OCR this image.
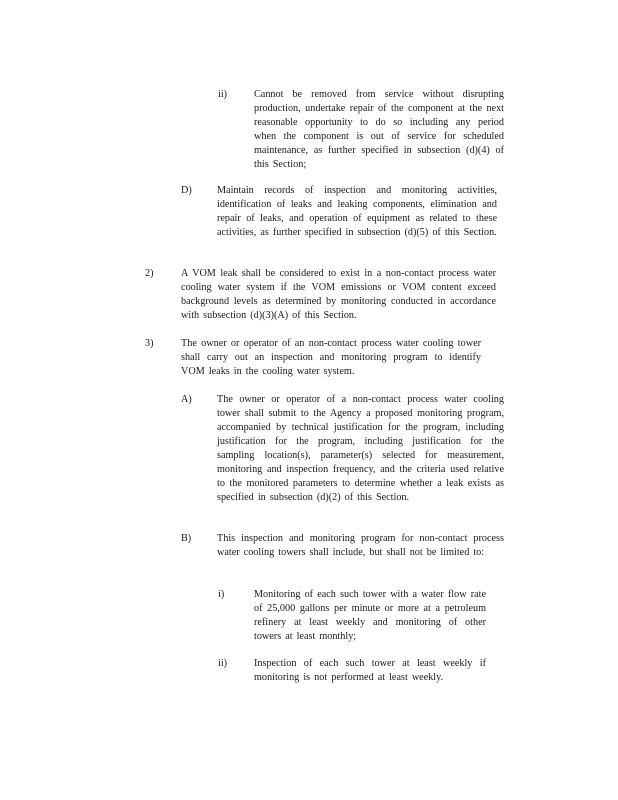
ii)	Cannot be removed from service without disrupting production, undertake repair of the component at the next reasonable opportunity to do so including any period when the component is out of service for scheduled maintenance, as further specified in subsection (d)(4) of this Section;
D) Maintain records of inspection and monitoring activities, identification of leaks and leaking components, elimination and repair of leaks, and operation of equipment as related to these activities, as further specified in subsection (d)(5) of this Section.
2)	A VOM leak shall be considered to exist in a non-contact process water cooling water system if the VOM emissions or VOM content exceed background levels as determined by monitoring conducted in accordance with subsection (d)(3)(A) of this Section.
3)	The owner or operator of an non-contact process water cooling tower shall carry out an inspection and monitoring program to identify VOM leaks in the cooling water system.
A) The owner or operator of a non-contact process water cooling tower shall submit to the Agency a proposed monitoring program, accompanied by technical justification for the program, including justification for the program, including justification for the sampling location(s), parameter(s) selected for measurement, monitoring and inspection frequency, and the criteria used relative to the monitored parameters to determine whether a leak exists as specified in subsection (d)(2) of this Section.
B)	This inspection and monitoring program for non-contact process water cooling towers shall include, but shall not be limited to:
i)	Monitoring of each such tower with a water flow rate of 25,000 gallons per minute or more at a petroleum refinery at least weekly and monitoring of other towers at least monthly;
ii)	Inspection of each such tower at least weekly if monitoring is not performed at least weekly.
